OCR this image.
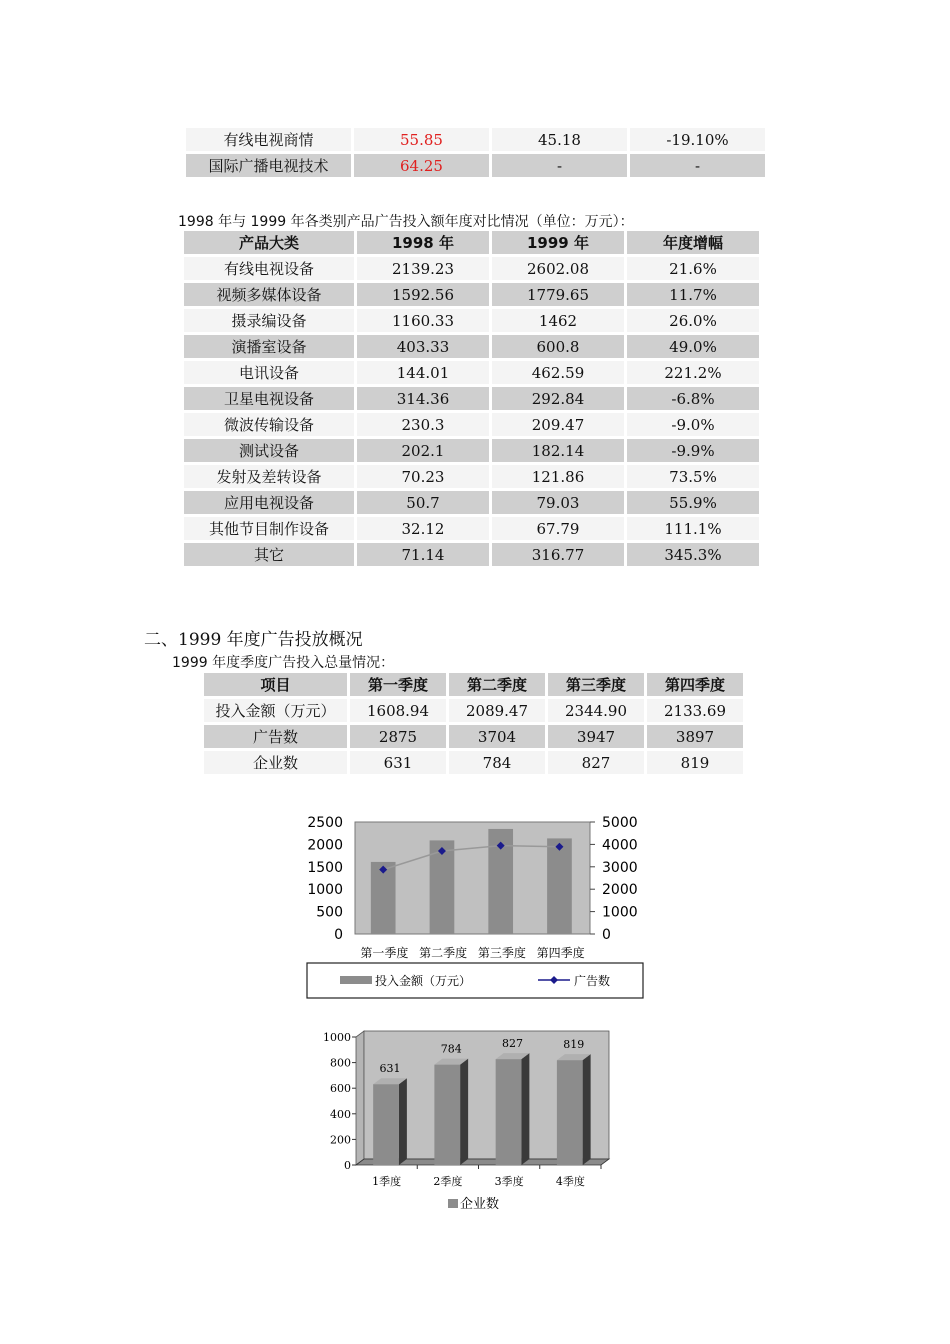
有线电视商情	55.85	45.18	-19.10%
国际广播电视技术	64.25	-	-
1998 年与 1999 年各类别产品广告投入额年度对比情况（单位：万元）：
产品大类	1998 年	1999 年	年度增幅
有线电视设备	2139.23	2602.08	21.6%
视频多媒体设备	1592.56	1779.65	11.7%
摄录编设备	1160.33	1462	26.0%
演播室设备	403.33	600.8	49.0%
电讯设备	144.01	462.59	221.2%
卫星电视设备	314.36	292.84	-6.8%
微波传输设备	230.3	209.47	-9.0%
测试设备	202.1	182.14	-9.9%
发射及差转设备	70.23	121.86	73.5%
应用电视设备	50.7	79.03	55.9%
其他节目制作设备	32.12	67.79	111.1%
其它	71.14	316.77	345.3%
二、1999 年度广告投放概况
1999 年度季度广告投入总量情况：
项目	第一季度	第二季度	第三季度	第四季度
投入金额（万元）	1608.94	2089.47	2344.90	2133.69
广告数	2875	3704	3947	3897
企业数	631	784	827	819
0
500
1000
1500
2000
2500
0
1000
2000
3000
4000
5000
第一季度 第二季度 第三季度 第四季度
投入金额（万元）	广告数
0
200
400
600
800
1000
631
1季度
784
2季度
827
3季度
819
4季度
企业数
